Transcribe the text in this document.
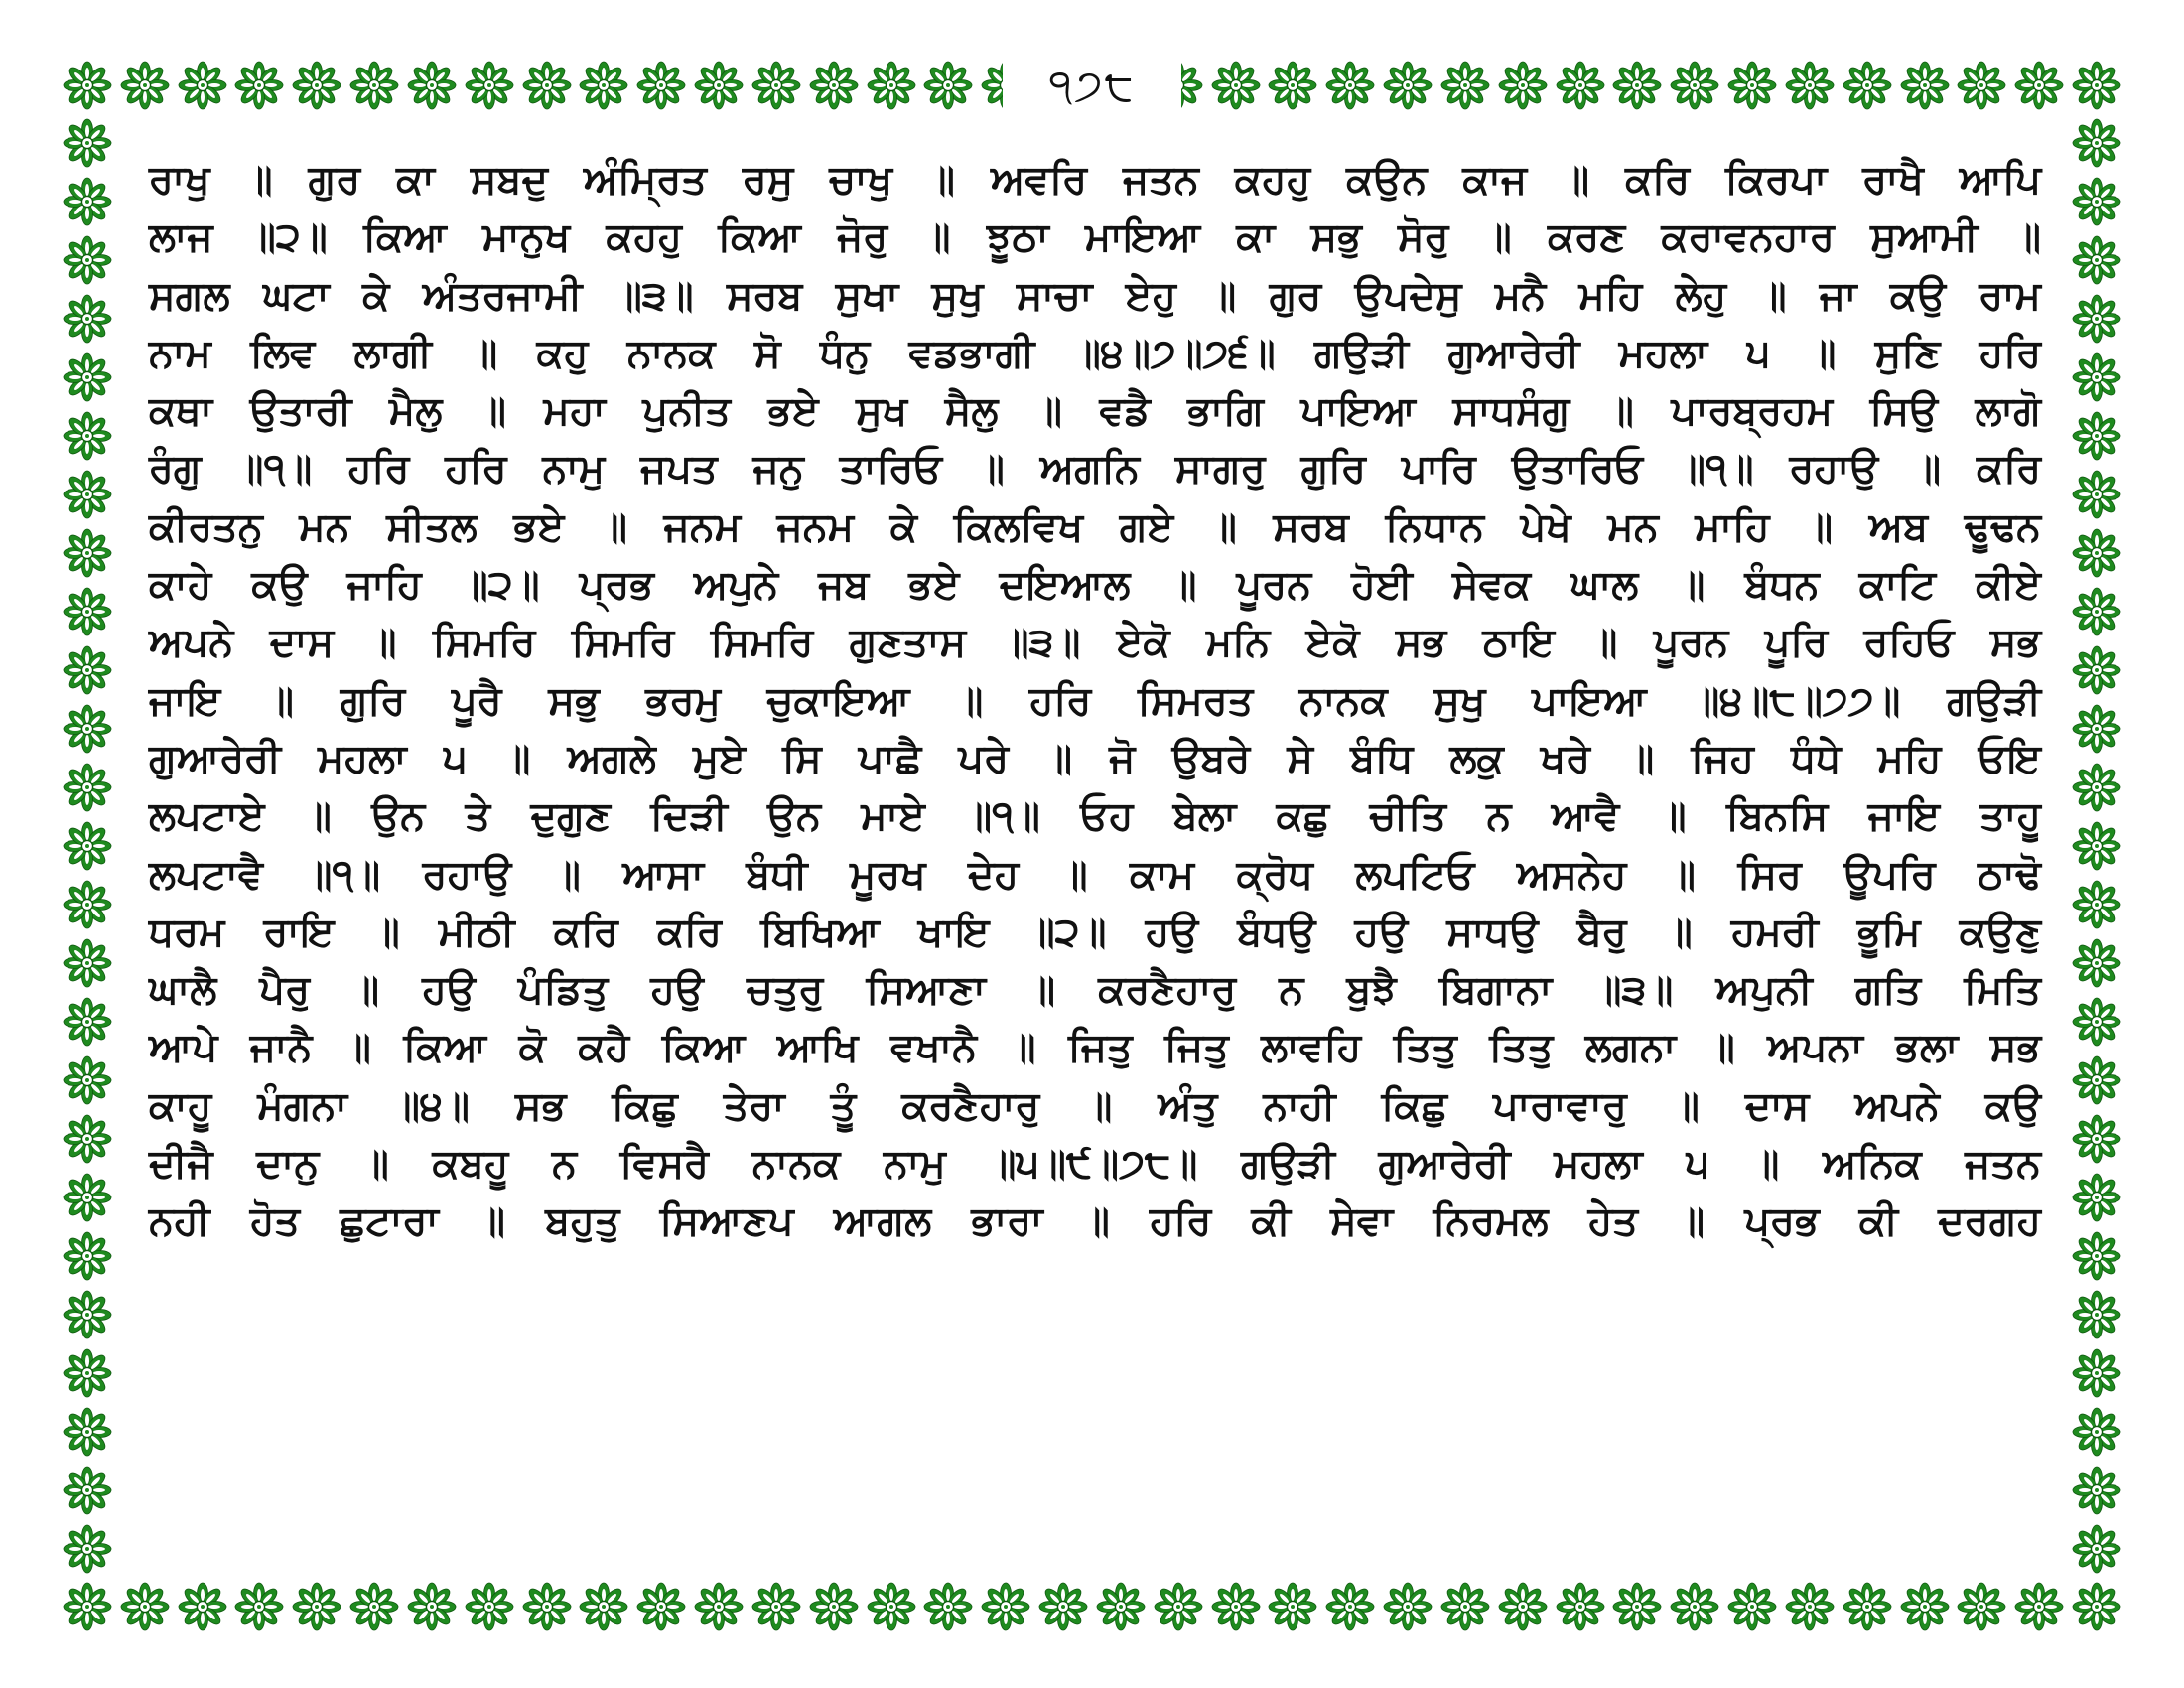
੧੭੮
ਰਾਖੁ ॥ ਗੁਰ ਕਾ ਸਬਦੁ ਅੰਮ੍ਰਿਤ ਰਸੁ ਚਾਖੁ ॥ ਅਵਰਿ ਜਤਨ ਕਹਹੁ ਕਉਨ ਕਾਜ ॥ ਕਰਿ ਕਿਰਪਾ ਰਾਖੈ ਆਪਿ
ਲਾਜ ॥੨॥ ਕਿਆ ਮਾਨੁਖ ਕਹਹੁ ਕਿਆ ਜੋਰੁ ॥ ਝੂਠਾ ਮਾਇਆ ਕਾ ਸਭੁ ਸੋਰੁ ॥ ਕਰਣ ਕਰਾਵਨਹਾਰ ਸੁਆਮੀ ॥
ਸਗਲ ਘਟਾ ਕੇ ਅੰਤਰਜਾਮੀ ॥੩॥ ਸਰਬ ਸੁਖਾ ਸੁਖੁ ਸਾਚਾ ਏਹੁ ॥ ਗੁਰ ਉਪਦੇਸੁ ਮਨੈ ਮਹਿ ਲੇਹੁ ॥ ਜਾ ਕਉ ਰਾਮ
ਨਾਮ ਲਿਵ ਲਾਗੀ ॥ ਕਹੁ ਨਾਨਕ ਸੋ ਧੰਨੁ ਵਡਭਾਗੀ ॥੪॥੭॥੭੬॥ ਗਉੜੀ ਗੁਆਰੇਰੀ ਮਹਲਾ ੫ ॥ ਸੁਣਿ ਹਰਿ
ਕਥਾ ਉਤਾਰੀ ਮੈਲੁ ॥ ਮਹਾ ਪੁਨੀਤ ਭਏ ਸੁਖ ਸੈਲੁ ॥ ਵਡੈ ਭਾਗਿ ਪਾਇਆ ਸਾਧਸੰਗੁ ॥ ਪਾਰਬ੍ਰਹਮ ਸਿਉ ਲਾਗੋ
ਰੰਗੁ ॥੧॥ ਹਰਿ ਹਰਿ ਨਾਮੁ ਜਪਤ ਜਨੁ ਤਾਰਿਓ ॥ ਅਗਨਿ ਸਾਗਰੁ ਗੁਰਿ ਪਾਰਿ ਉਤਾਰਿਓ ॥੧॥ ਰਹਾਉ ॥ ਕਰਿ
ਕੀਰਤਨੁ ਮਨ ਸੀਤਲ ਭਏ ॥ ਜਨਮ ਜਨਮ ਕੇ ਕਿਲਵਿਖ ਗਏ ॥ ਸਰਬ ਨਿਧਾਨ ਪੇਖੇ ਮਨ ਮਾਹਿ ॥ ਅਬ ਢੂਢਨ
ਕਾਹੇ ਕਉ ਜਾਹਿ ॥੨॥ ਪ੍ਰਭ ਅਪੁਨੇ ਜਬ ਭਏ ਦਇਆਲ ॥ ਪੂਰਨ ਹੋਈ ਸੇਵਕ ਘਾਲ ॥ ਬੰਧਨ ਕਾਟਿ ਕੀਏ
ਅਪਨੇ ਦਾਸ ॥ ਸਿਮਰਿ ਸਿਮਰਿ ਸਿਮਰਿ ਗੁਣਤਾਸ ॥੩॥ ਏਕੋ ਮਨਿ ਏਕੋ ਸਭ ਠਾਇ ॥ ਪੂਰਨ ਪੂਰਿ ਰਹਿਓ ਸਭ
ਜਾਇ ॥ ਗੁਰਿ ਪੂਰੈ ਸਭੁ ਭਰਮੁ ਚੁਕਾਇਆ ॥ ਹਰਿ ਸਿਮਰਤ ਨਾਨਕ ਸੁਖੁ ਪਾਇਆ ॥੪॥੮॥੭੭॥ ਗਉੜੀ
ਗੁਆਰੇਰੀ ਮਹਲਾ ੫ ॥ ਅਗਲੇ ਮੁਏ ਸਿ ਪਾਛੈ ਪਰੇ ॥ ਜੋ ਉਬਰੇ ਸੇ ਬੰਧਿ ਲਕੁ ਖਰੇ ॥ ਜਿਹ ਧੰਧੇ ਮਹਿ ਓਇ
ਲਪਟਾਏ ॥ ਉਨ ਤੇ ਦੁਗੁਣ ਦਿੜੀ ਉਨ ਮਾਏ ॥੧॥ ਓਹ ਬੇਲਾ ਕਛੁ ਚੀਤਿ ਨ ਆਵੈ ॥ ਬਿਨਸਿ ਜਾਇ ਤਾਹੂ
ਲਪਟਾਵੈ ॥੧॥ ਰਹਾਉ ॥ ਆਸਾ ਬੰਧੀ ਮੂਰਖ ਦੇਹ ॥ ਕਾਮ ਕ੍ਰੋਧ ਲਪਟਿਓ ਅਸਨੇਹ ॥ ਸਿਰ ਊਪਰਿ ਠਾਢੋ
ਧਰਮ ਰਾਇ ॥ ਮੀਠੀ ਕਰਿ ਕਰਿ ਬਿਖਿਆ ਖਾਇ ॥੨॥ ਹਉ ਬੰਧਉ ਹਉ ਸਾਧਉ ਬੈਰੁ ॥ ਹਮਰੀ ਭੂਮਿ ਕਉਣੁ
ਘਾਲੈ ਪੈਰੁ ॥ ਹਉ ਪੰਡਿਤੁ ਹਉ ਚਤੁਰੁ ਸਿਆਣਾ ॥ ਕਰਣੈਹਾਰੁ ਨ ਬੁਝੈ ਬਿਗਾਨਾ ॥੩॥ ਅਪੁਨੀ ਗਤਿ ਮਿਤਿ
ਆਪੇ ਜਾਨੈ ॥ ਕਿਆ ਕੋ ਕਹੈ ਕਿਆ ਆਖਿ ਵਖਾਨੈ ॥ ਜਿਤੁ ਜਿਤੁ ਲਾਵਹਿ ਤਿਤੁ ਤਿਤੁ ਲਗਨਾ ॥ ਅਪਨਾ ਭਲਾ ਸਭ
ਕਾਹੂ ਮੰਗਨਾ ॥੪॥ ਸਭ ਕਿਛੁ ਤੇਰਾ ਤੂੰ ਕਰਣੈਹਾਰੁ ॥ ਅੰਤੁ ਨਾਹੀ ਕਿਛੁ ਪਾਰਾਵਾਰੁ ॥ ਦਾਸ ਅਪਨੇ ਕਉ
ਦੀਜੈ ਦਾਨੁ ॥ ਕਬਹੂ ਨ ਵਿਸਰੈ ਨਾਨਕ ਨਾਮੁ ॥੫॥੯॥੭੮॥ ਗਉੜੀ ਗੁਆਰੇਰੀ ਮਹਲਾ ੫ ॥ ਅਨਿਕ ਜਤਨ
ਨਹੀ ਹੋਤ ਛੁਟਾਰਾ ॥ ਬਹੁਤੁ ਸਿਆਣਪ ਆਗਲ ਭਾਰਾ ॥ ਹਰਿ ਕੀ ਸੇਵਾ ਨਿਰਮਲ ਹੇਤ ॥ ਪ੍ਰਭ ਕੀ ਦਰਗਹ
